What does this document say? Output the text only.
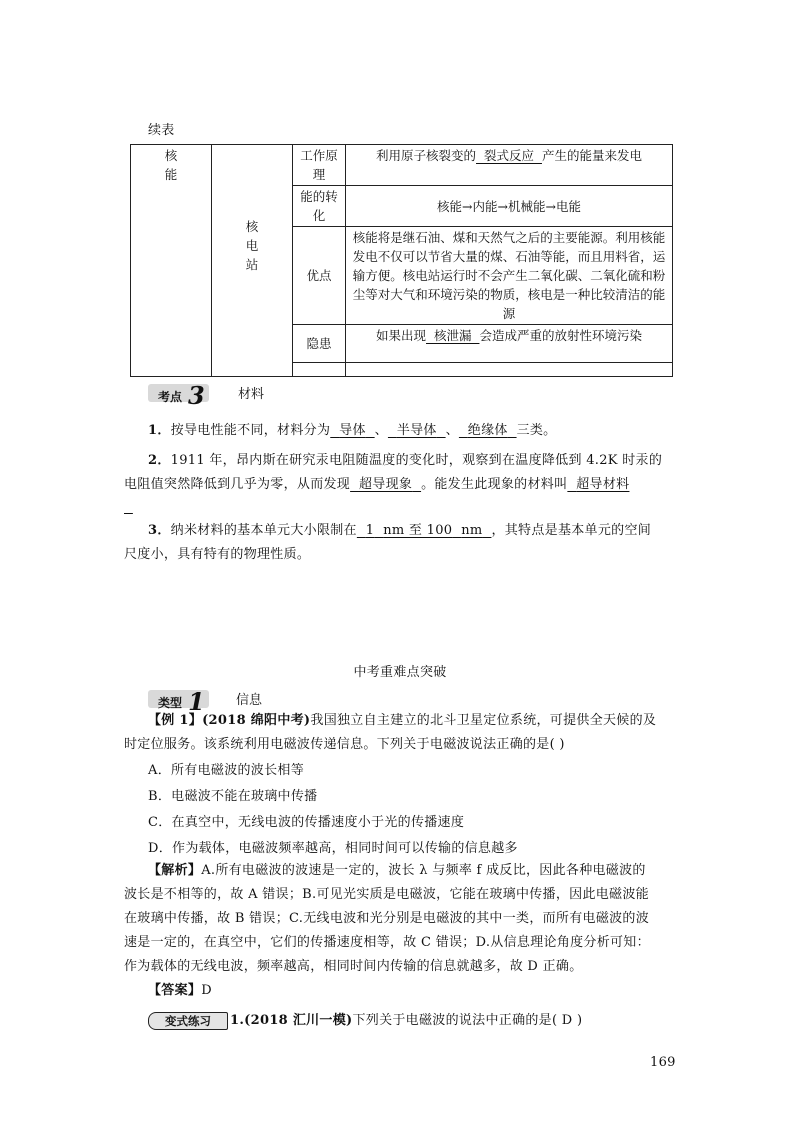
续表
核能	核电站	工作原理	利用原子核裂变的 裂式反应 产生的能量来发电
		能的转化	核能→内能→机械能→电能
		优点	核能将是继石油、煤和天然气之后的主要能源。利用核能发电不仅可以节省大量的煤、石油等能，而且用料省，运输方便。核电站运行时不会产生二氧化碳、二氧化硫和粉尘等对大气和环境污染的物质，核电是一种比较清洁的能源
		隐患	如果出现 核泄漏 会造成严重的放射性环境污染

考点 3	材料
1．按导电性能不同，材料分为 导体 、 半导体 、 绝缘体 三类。
2．1911 年，昂内斯在研究汞电阻随温度的变化时，观察到在温度降低到 4.2K 时汞的
电阻值突然降低到几乎为零，从而发现 超导现象 。能发生此现象的材料叫 超导材料

3．纳米材料的基本单元大小限制在 1 nm 至 100 nm ，其特点是基本单元的空间
尺度小，具有特有的物理性质。
中考重难点突破
类型 1	信息
【例 1】(2018 绵阳中考)我国独立自主建立的北斗卫星定位系统，可提供全天候的及
时定位服务。该系统利用电磁波传递信息。下列关于电磁波说法正确的是( )
A．所有电磁波的波长相等
B．电磁波不能在玻璃中传播
C．在真空中，无线电波的传播速度小于光的传播速度
D．作为载体，电磁波频率越高，相同时间可以传输的信息越多
【解析】A.所有电磁波的波速是一定的，波长 λ 与频率 f 成反比，因此各种电磁波的
波长是不相等的，故 A 错误；B.可见光实质是电磁波，它能在玻璃中传播，因此电磁波能
在玻璃中传播，故 B 错误；C.无线电波和光分别是电磁波的其中一类，而所有电磁波的波
速是一定的，在真空中，它们的传播速度相等，故 C 错误；D.从信息理论角度分析可知：
作为载体的无线电波，频率越高，相同时间内传输的信息就越多，故 D 正确。
【答案】D
变式练习	1.(2018 汇川一模)下列关于电磁波的说法中正确的是( D )
169
